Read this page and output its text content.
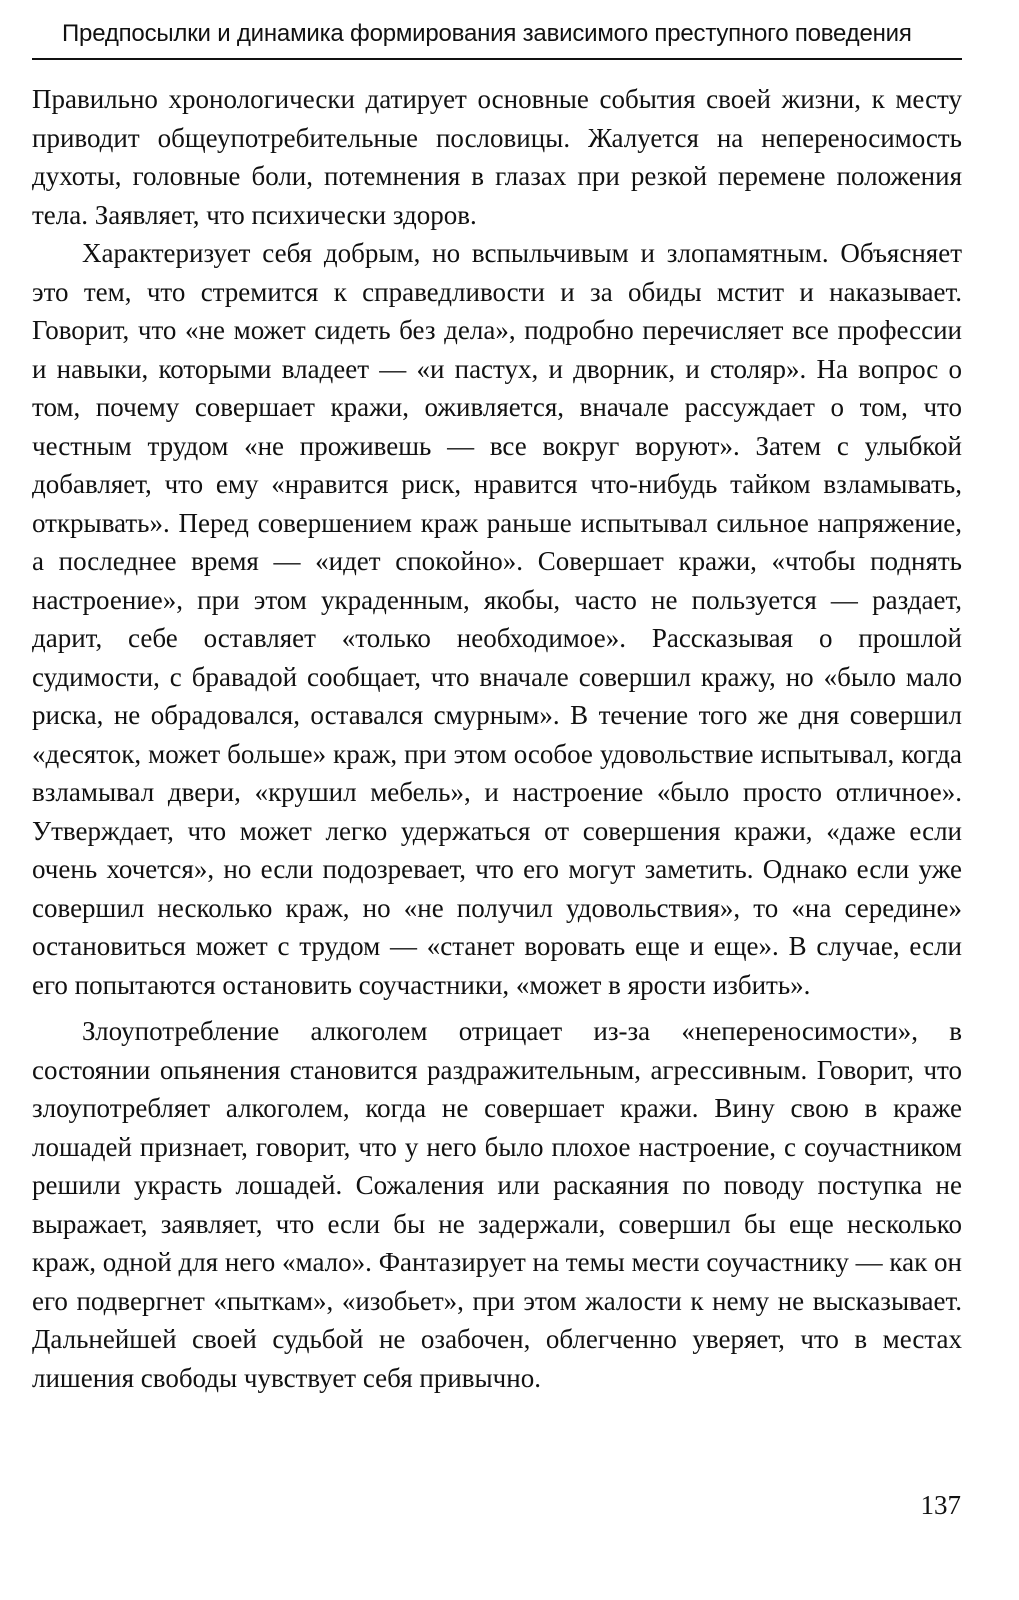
Предпосылки и динамика формирования зависимого преступного поведения

Правильно хронологически датирует основные события своей жизни, к месту приводит общеупотребительные пословицы. Жалуется на непереносимость духоты, головные боли, потемнения в глазах при резкой перемене положения тела. Заявляет, что психически здоров.

Характеризует себя добрым, но вспыльчивым и злопамятным. Объясняет это тем, что стремится к справедливости и за обиды мстит и наказывает. Говорит, что «не может сидеть без дела», подробно перечисляет все профессии и навыки, которыми владеет — «и пастух, и дворник, и столяр». На вопрос о том, почему совершает кражи, оживляется, вначале рассуждает о том, что честным трудом «не проживешь — все вокруг воруют». Затем с улыбкой добавляет, что ему «нравится риск, нравится что-нибудь тайком взламывать, открывать». Перед совершением краж раньше испытывал сильное напряжение, а последнее время — «идет спокойно». Совершает кражи, «чтобы поднять настроение», при этом украденным, якобы, часто не пользуется — раздает, дарит, себе оставляет «только необходимое». Рассказывая о прошлой судимости, с бравадой сообщает, что вначале совершил кражу, но «было мало риска, не обрадовался, оставался смурным». В течение того же дня совершил «десяток, может больше» краж, при этом особое удовольствие испытывал, когда взламывал двери, «крушил мебель», и настроение «было просто отличное». Утверждает, что может легко удержаться от совершения кражи, «даже если очень хочется», но если подозревает, что его могут заметить. Однако если уже совершил несколько краж, но «не получил удовольствия», то «на середине» остановиться может с трудом — «станет воровать еще и еще». В случае, если его попытаются остановить соучастники, «может в ярости избить».

Злоупотребление алкоголем отрицает из-за «непереносимости», в состоянии опьянения становится раздражительным, агрессивным. Говорит, что злоупотребляет алкоголем, когда не совершает кражи. Вину свою в краже лошадей признает, говорит, что у него было плохое настроение, с соучастником решили украсть лошадей. Сожаления или раскаяния по поводу поступка не выражает, заявляет, что если бы не задержали, совершил бы еще несколько краж, одной для него «мало». Фантазирует на темы мести соучастнику — как он его подвергнет «пыткам», «изобьет», при этом жалости к нему не высказывает. Дальнейшей своей судьбой не озабочен, облегченно уверяет, что в местах лишения свободы чувствует себя привычно.

137
